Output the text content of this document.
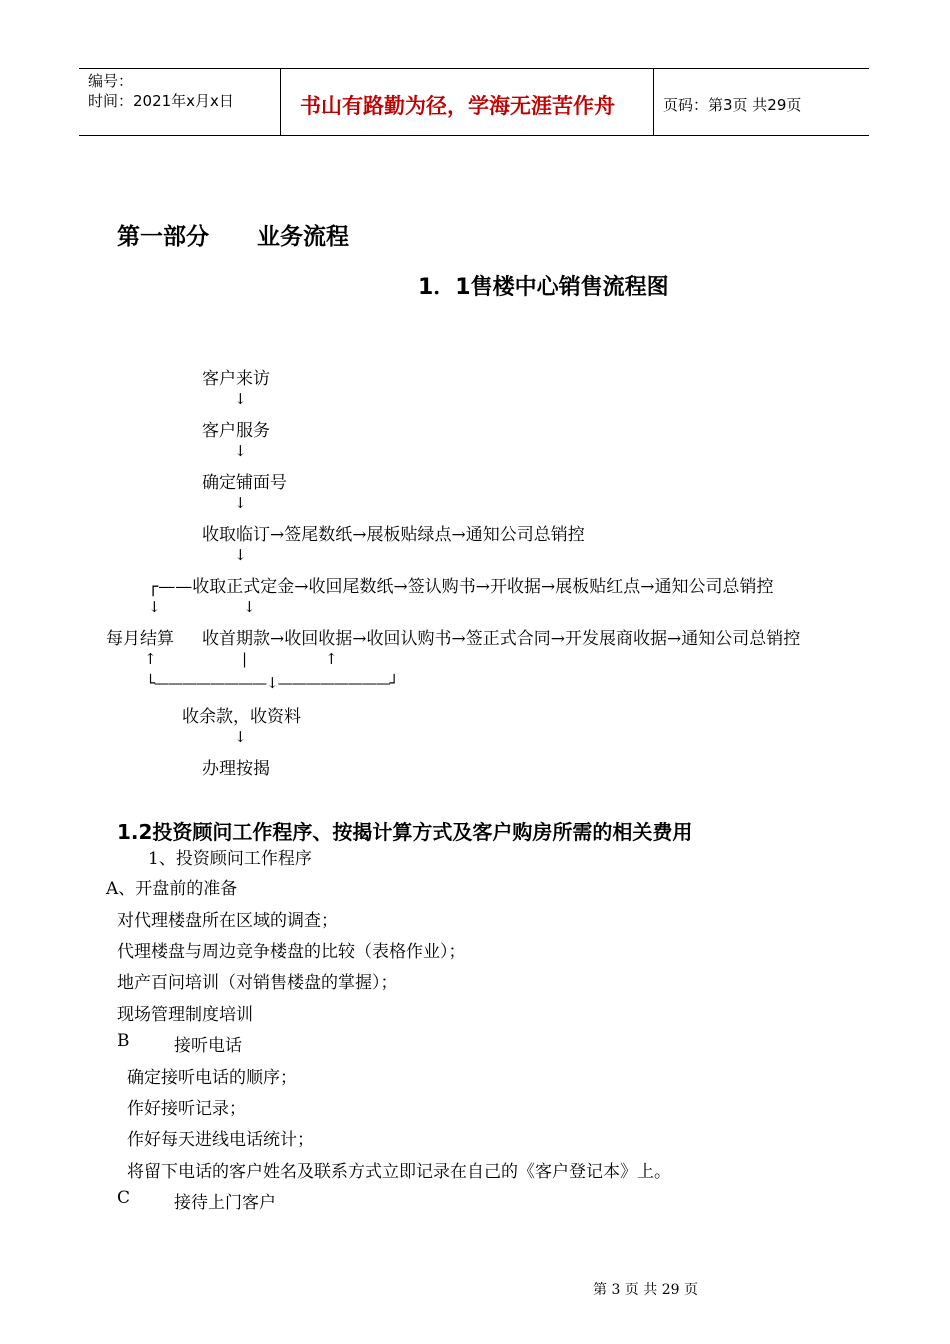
编号：
时间：2021年x月x日	书山有路勤为径，学海无涯苦作舟	页码：第3页 共29页
第一部分      业务流程
1．1售楼中心销售流程图
客户来访
↓
客户服务
↓
确定铺面号
↓
收取临订→签尾数纸→展板贴绿点→通知公司总销控
↓
┌——收取正式定金→收回尾数纸→签认购书→开收据→展板贴红点→通知公司总销控
↓	↓
每月结算 收首期款→收回收据→收回认购书→签正式合同→开发展商收据→通知公司总销控
↑	|	↑
└————————↓————————┘
收余款，收资料
↓
办理按揭
1.2投资顾问工作程序、按揭计算方式及客户购房所需的相关费用
1、投资顾问工作程序
A、开盘前的准备
对代理楼盘所在区域的调查；
代理楼盘与周边竞争楼盘的比较（表格作业）；
地产百问培训（对销售楼盘的掌握）；
现场管理制度培训
B	接听电话
确定接听电话的顺序；
作好接听记录；
作好每天进线电话统计；
将留下电话的客户姓名及联系方式立即记录在自己的《客户登记本》上。
C	接待上门客户
第 3 页 共 29 页
